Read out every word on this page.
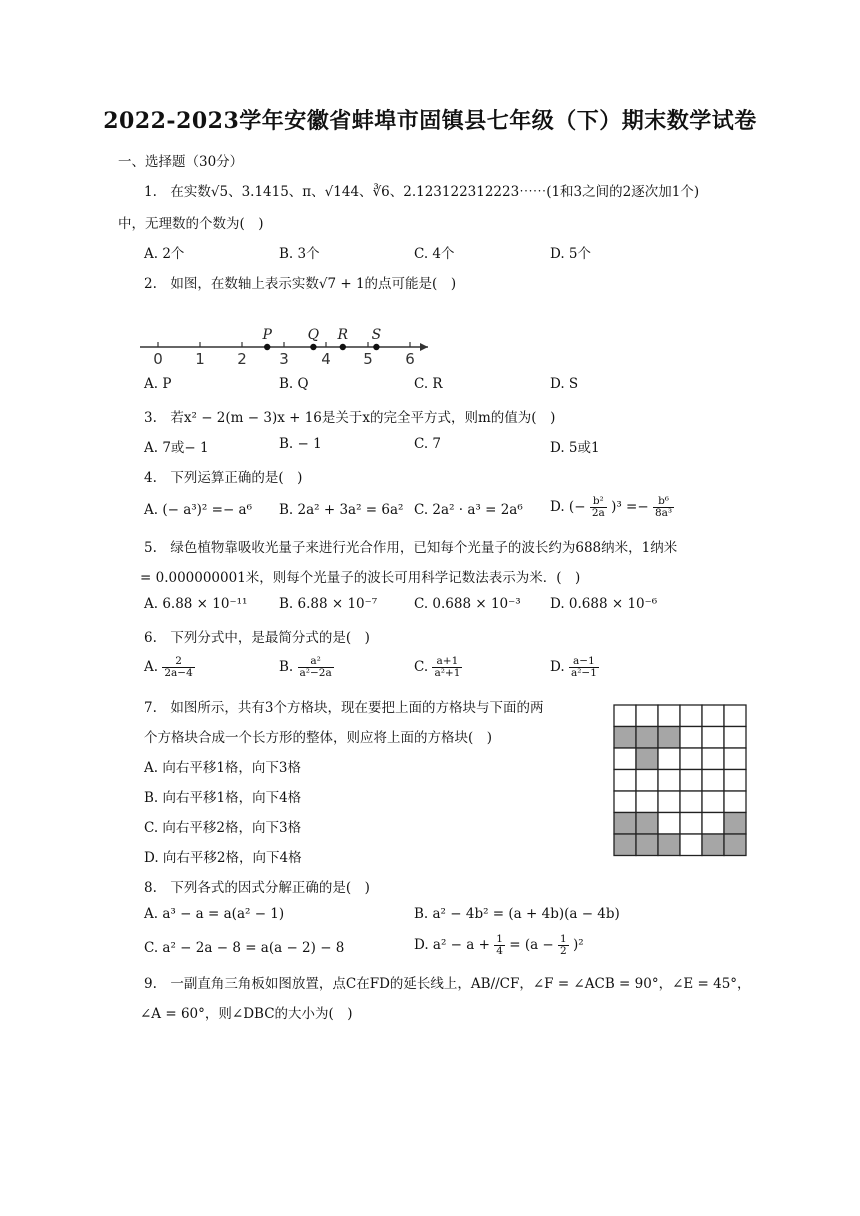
2022-2023学年安徽省蚌埠市固镇县七年级（下）期末数学试卷
一、选择题（30分）
1.　在实数√5、3.1415、π、√144、∛6、2.123122312223⋯⋯(1和3之间的2逐次加1个)
中，无理数的个数为(　)
A. 2个	B. 3个	C. 4个	D. 5个
2.　如图，在数轴上表示实数√7 + 1的点可能是(　)
0 1 2 3 4 5 6
P	Q R S
A. P	B. Q	C. R	D. S
3.　若x² − 2(m − 3)x + 16是关于x的完全平方式，则m的值为(　)
A. 7或− 1	B. − 1	C. 7	D. 5或1
4.　下列运算正确的是(　)
A. (− a³)² =− a⁶ B. 2a² + 3a² = 6a² C. 2a² · a³ = 2a⁶ D. (− $\frac{\text{b²}}{2a} )^3 =- \frac{\text{b⁶}}{\text{8a³}}$
5.　绿色植物靠吸收光量子来进行光合作用，已知每个光量子的波长约为688纳米，1纳米
= 0.000000001米，则每个光量子的波长可用科学记数法表示为米．(　)
A. 6.88 × 10⁻¹¹ B. 6.88 × 10⁻⁷	C. 0.688 × 10⁻³ D. 0.688 × 10⁻⁶
6.　下列分式中，是最简分式的是(　)
A. $\frac{2}{2a-4}$	B. $\frac{\text{a²}}{\text{a²−2a}}$	C. $\frac{a+1}{\text{a²+1}}$	D. $\frac{a-1}{\text{a²−1}}$
7.　如图所示，共有3个方格块，现在要把上面的方格块与下面的两
个方格块合成一个长方形的整体，则应将上面的方格块(　)
A. 向右平移1格，向下3格
B. 向右平移1格，向下4格
C. 向右平移2格，向下3格
D. 向右平移2格，向下4格
8.　下列各式的因式分解正确的是(　)
A. a³ − a = a(a² − 1)	B. a² − 4b² = (a + 4b)(a − 4b)
C. a² − 2a − 8 = a(a − 2) − 8	D. $a^2 - a + \frac{1}{4} = (a - \frac{1}{2} )^2$
9.　一副直角三角板如图放置，点C在FD的延长线上，AB//CF，∠F = ∠ACB = 90°，∠E = 45°，
∠A = 60°，则∠DBC的大小为(　)
